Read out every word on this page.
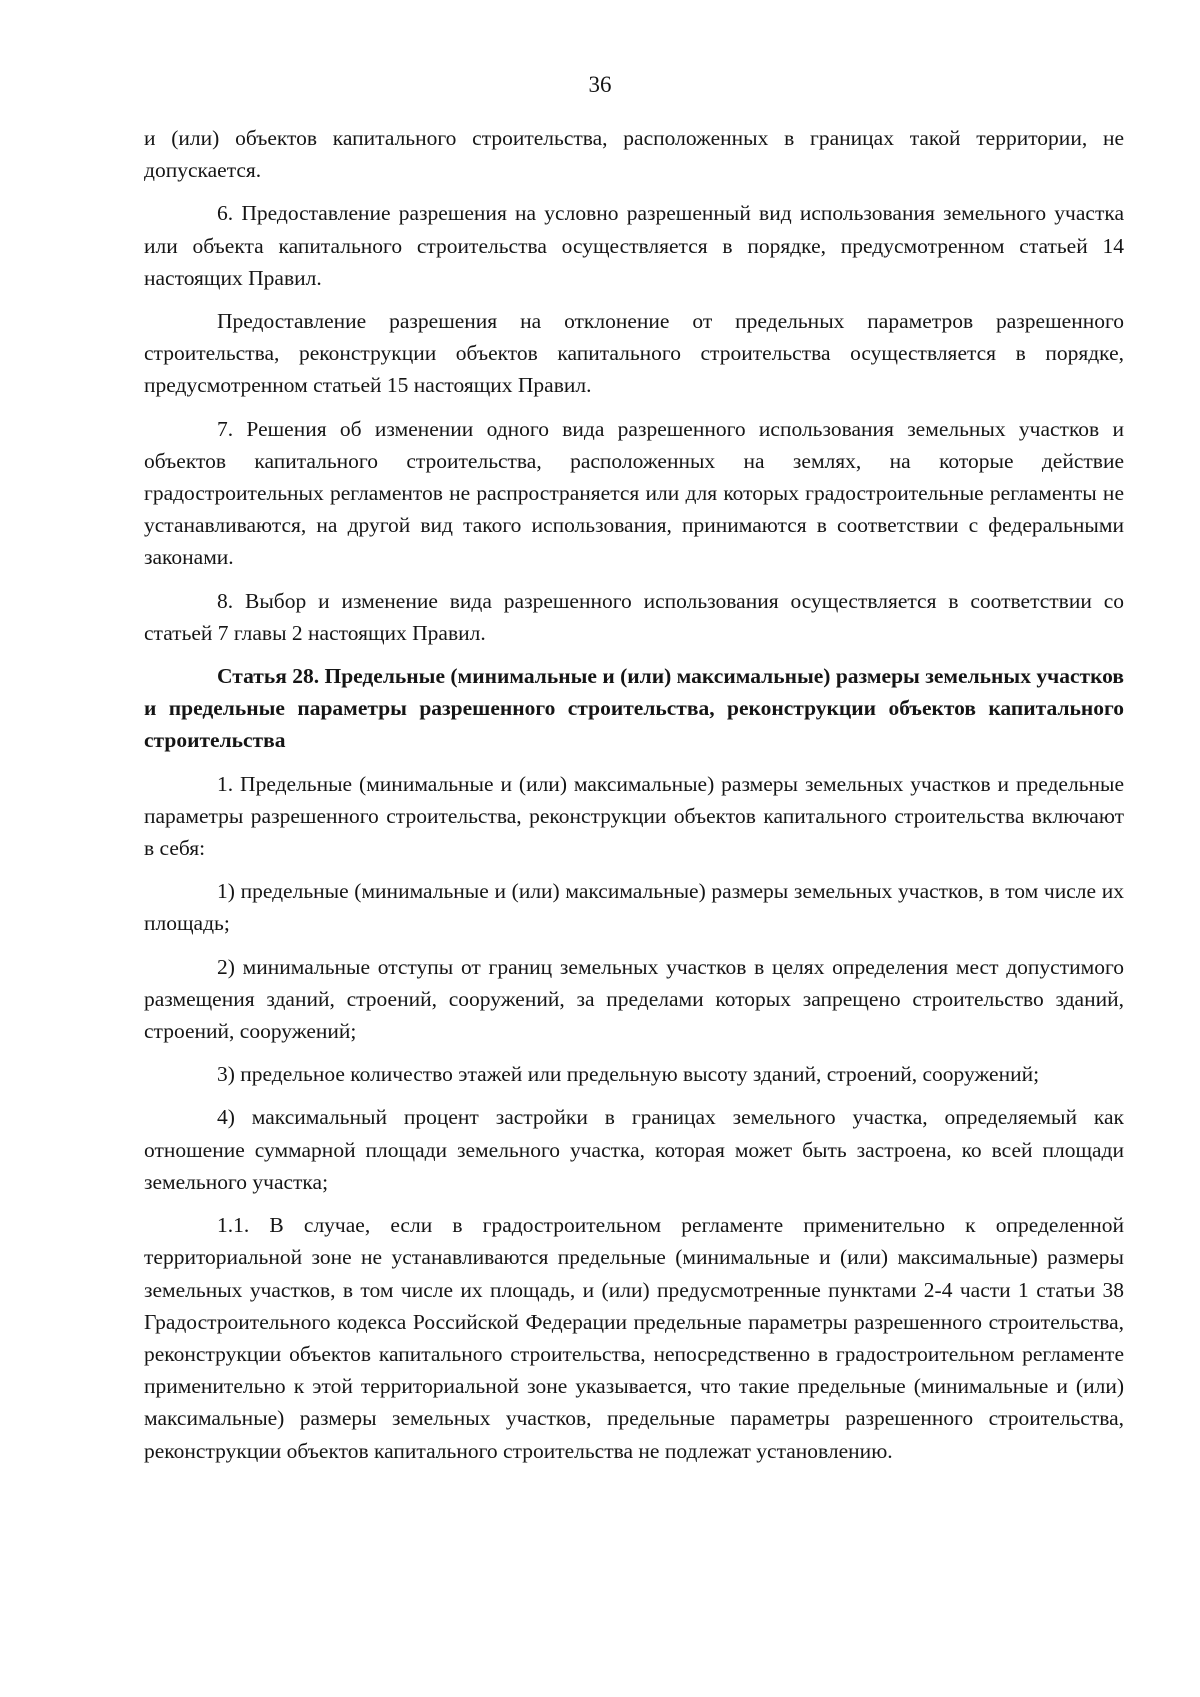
36

и (или) объектов капитального строительства, расположенных в границах такой территории, не допускается.

6. Предоставление разрешения на условно разрешенный вид использования земельного участка или объекта капитального строительства осуществляется в порядке, предусмотренном статьей 14 настоящих Правил.

Предоставление разрешения на отклонение от предельных параметров разрешенного строительства, реконструкции объектов капитального строительства осуществляется в порядке, предусмотренном статьей 15 настоящих Правил.

7. Решения об изменении одного вида разрешенного использования земельных участков и объектов капитального строительства, расположенных на землях, на которые действие градостроительных регламентов не распространяется или для которых градостроительные регламенты не устанавливаются, на другой вид такого использования, принимаются в соответствии с федеральными законами.

8. Выбор и изменение вида разрешенного использования осуществляется в соответствии со статьей 7 главы 2 настоящих Правил.

Статья 28. Предельные (минимальные и (или) максимальные) размеры земельных участков и предельные параметры разрешенного строительства, реконструкции объектов капитального строительства

1. Предельные (минимальные и (или) максимальные) размеры земельных участков и предельные параметры разрешенного строительства, реконструкции объектов капитального строительства включают в себя:

1) предельные (минимальные и (или) максимальные) размеры земельных участков, в том числе их площадь;

2) минимальные отступы от границ земельных участков в целях определения мест допустимого размещения зданий, строений, сооружений, за пределами которых запрещено строительство зданий, строений, сооружений;

3) предельное количество этажей или предельную высоту зданий, строений, сооружений;

4) максимальный процент застройки в границах земельного участка, определяемый как отношение суммарной площади земельного участка, которая может быть застроена, ко всей площади земельного участка;

1.1. В случае, если в градостроительном регламенте применительно к определенной территориальной зоне не устанавливаются предельные (минимальные и (или) максимальные) размеры земельных участков, в том числе их площадь, и (или) предусмотренные пунктами 2-4 части 1 статьи 38 Градостроительного кодекса Российской Федерации предельные параметры разрешенного строительства, реконструкции объектов капитального строительства, непосредственно в градостроительном регламенте применительно к этой территориальной зоне указывается, что такие предельные (минимальные и (или) максимальные) размеры земельных участков, предельные параметры разрешенного строительства, реконструкции объектов капитального строительства не подлежат установлению.
